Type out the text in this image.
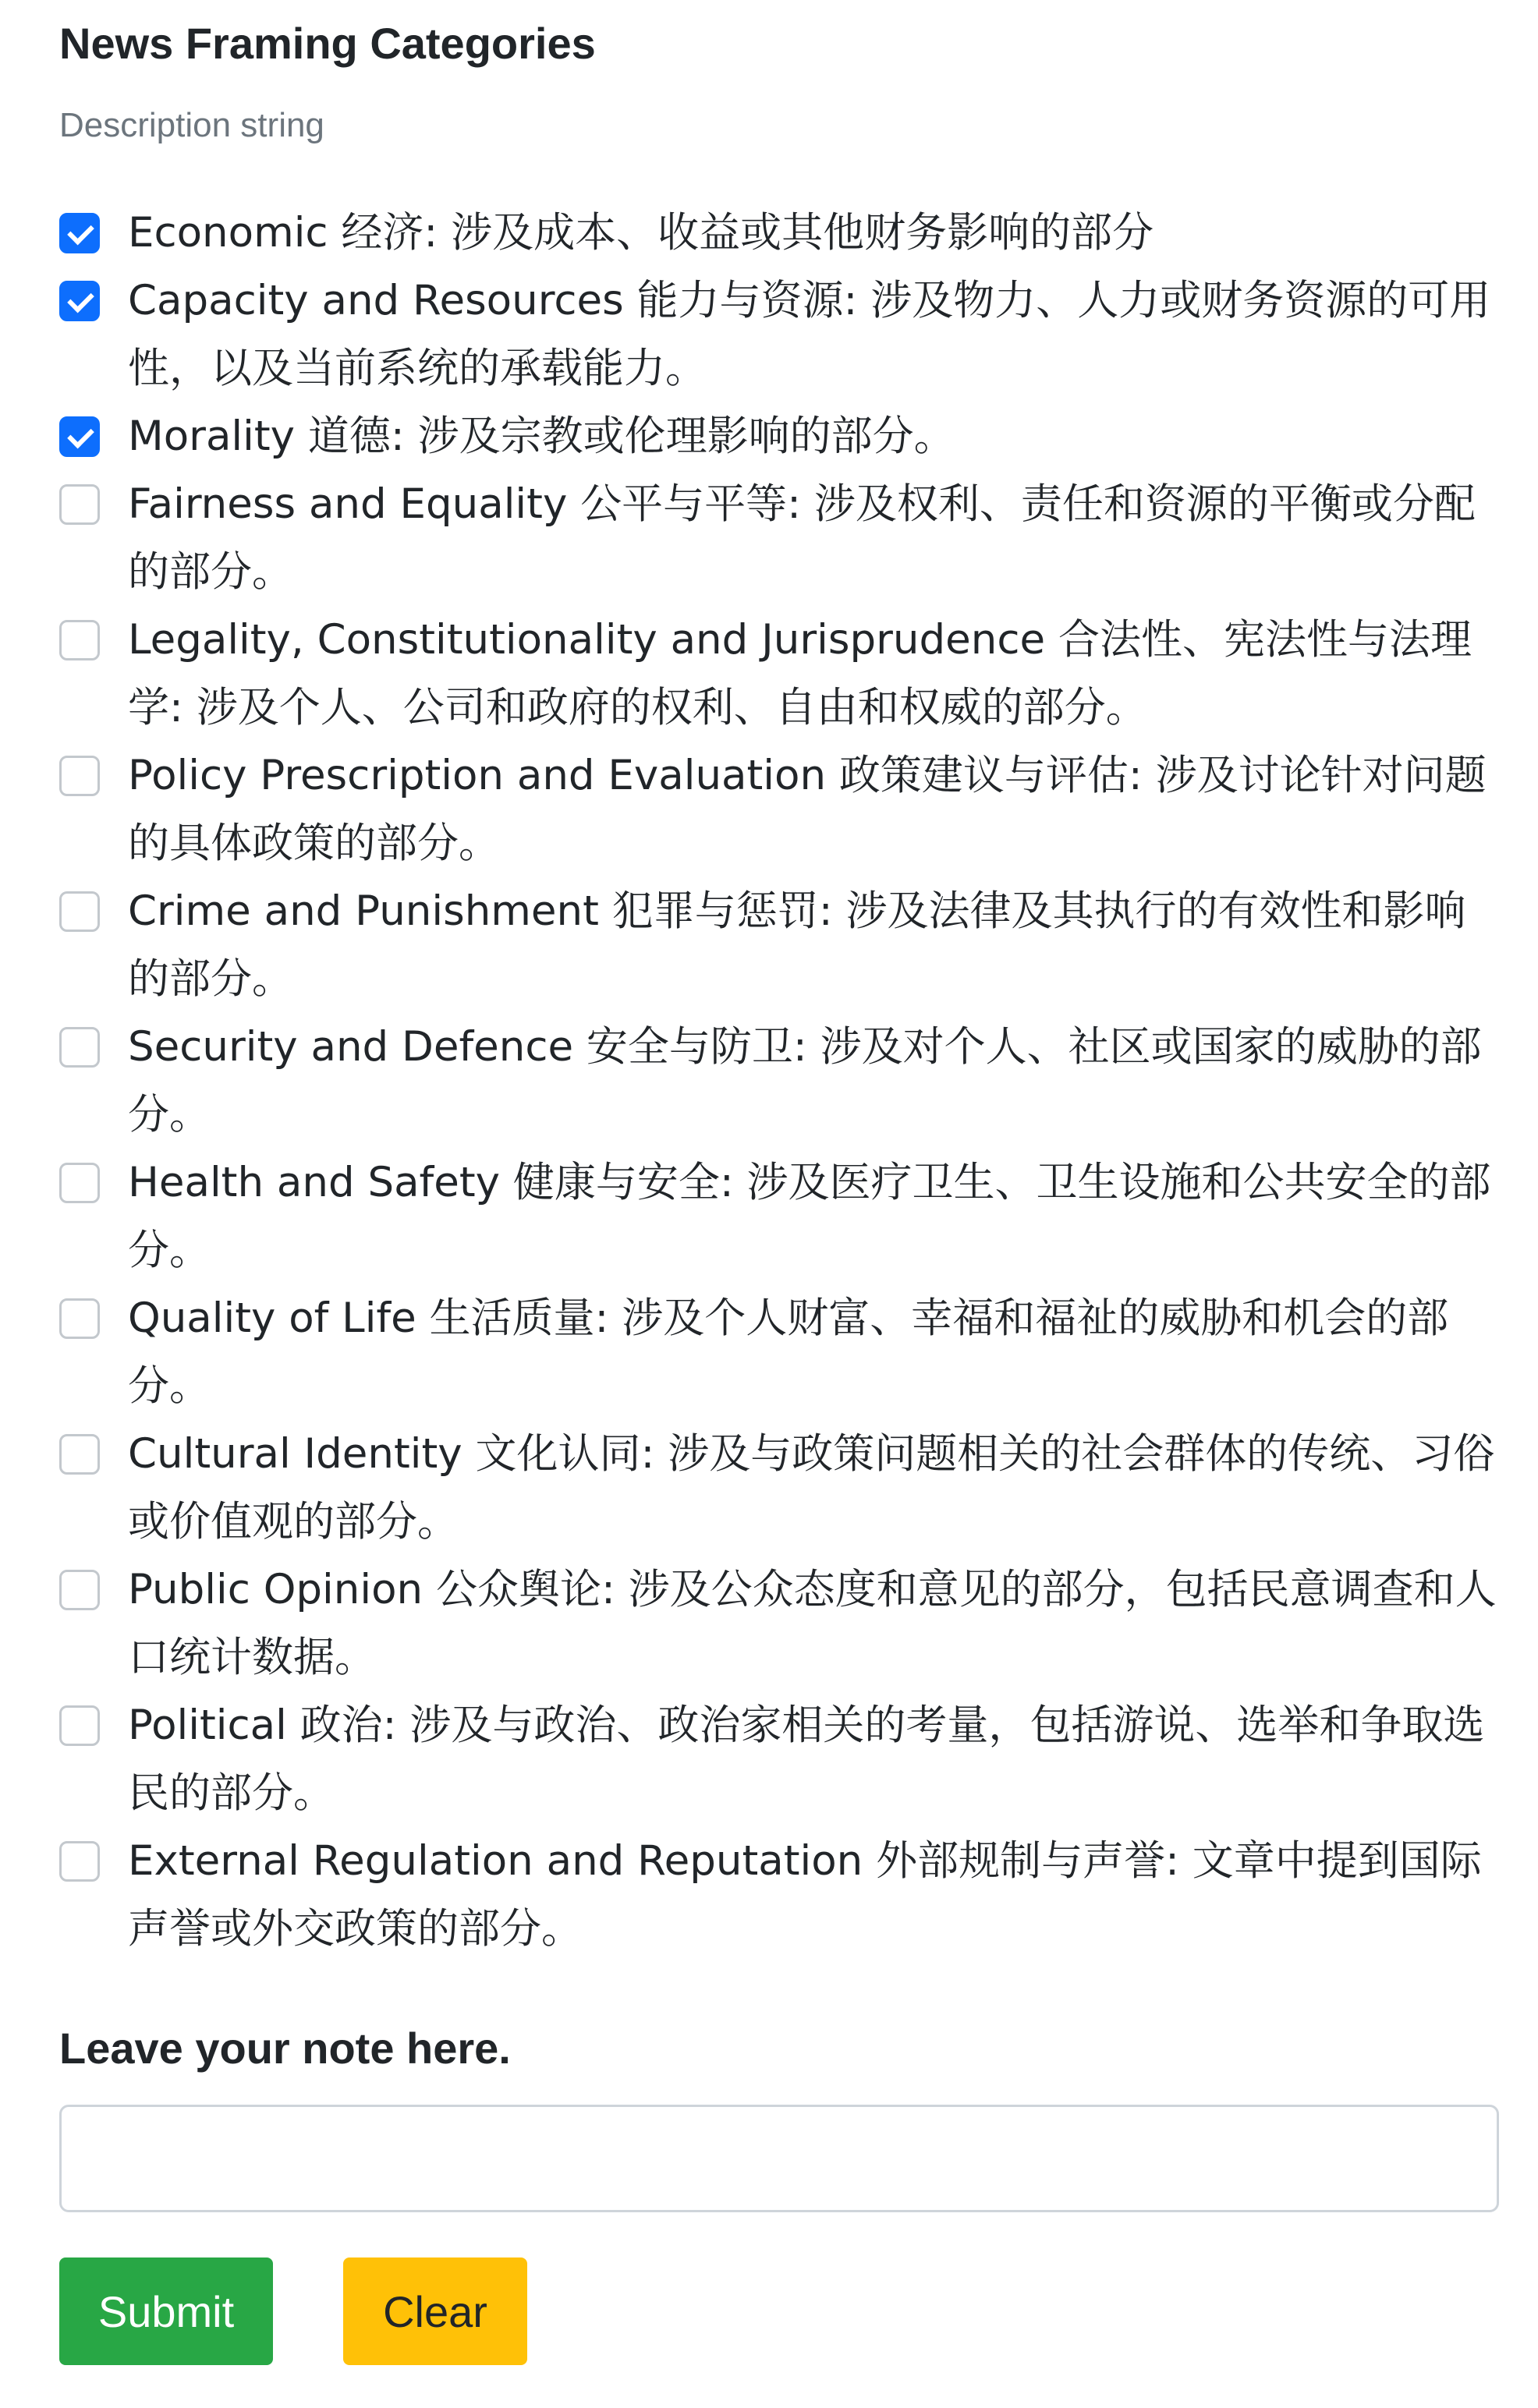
News Framing Categories
Description string
Economic 经济: 涉及成本、收益或其他财务影响的部分
Capacity and Resources 能力与资源: 涉及物力、人力或财务资源的可用性，以及当前系统的承载能力。
Morality 道德: 涉及宗教或伦理影响的部分。
Fairness and Equality 公平与平等: 涉及权利、责任和资源的平衡或分配的部分。
Legality, Constitutionality and Jurisprudence 合法性、宪法性与法理学: 涉及个人、公司和政府的权利、自由和权威的部分。
Policy Prescription and Evaluation 政策建议与评估: 涉及讨论针对问题的具体政策的部分。
Crime and Punishment 犯罪与惩罚: 涉及法律及其执行的有效性和影响的部分。
Security and Defence 安全与防卫: 涉及对个人、社区或国家的威胁的部分。
Health and Safety 健康与安全: 涉及医疗卫生、卫生设施和公共安全的部分。
Quality of Life 生活质量: 涉及个人财富、幸福和福祉的威胁和机会的部分。
Cultural Identity 文化认同: 涉及与政策问题相关的社会群体的传统、习俗或价值观的部分。
Public Opinion 公众舆论: 涉及公众态度和意见的部分，包括民意调查和人口统计数据。
Political 政治: 涉及与政治、政治家相关的考量，包括游说、选举和争取选民的部分。
External Regulation and Reputation 外部规制与声誉: 文章中提到国际声誉或外交政策的部分。
Leave your note here.
Submit	Clear
